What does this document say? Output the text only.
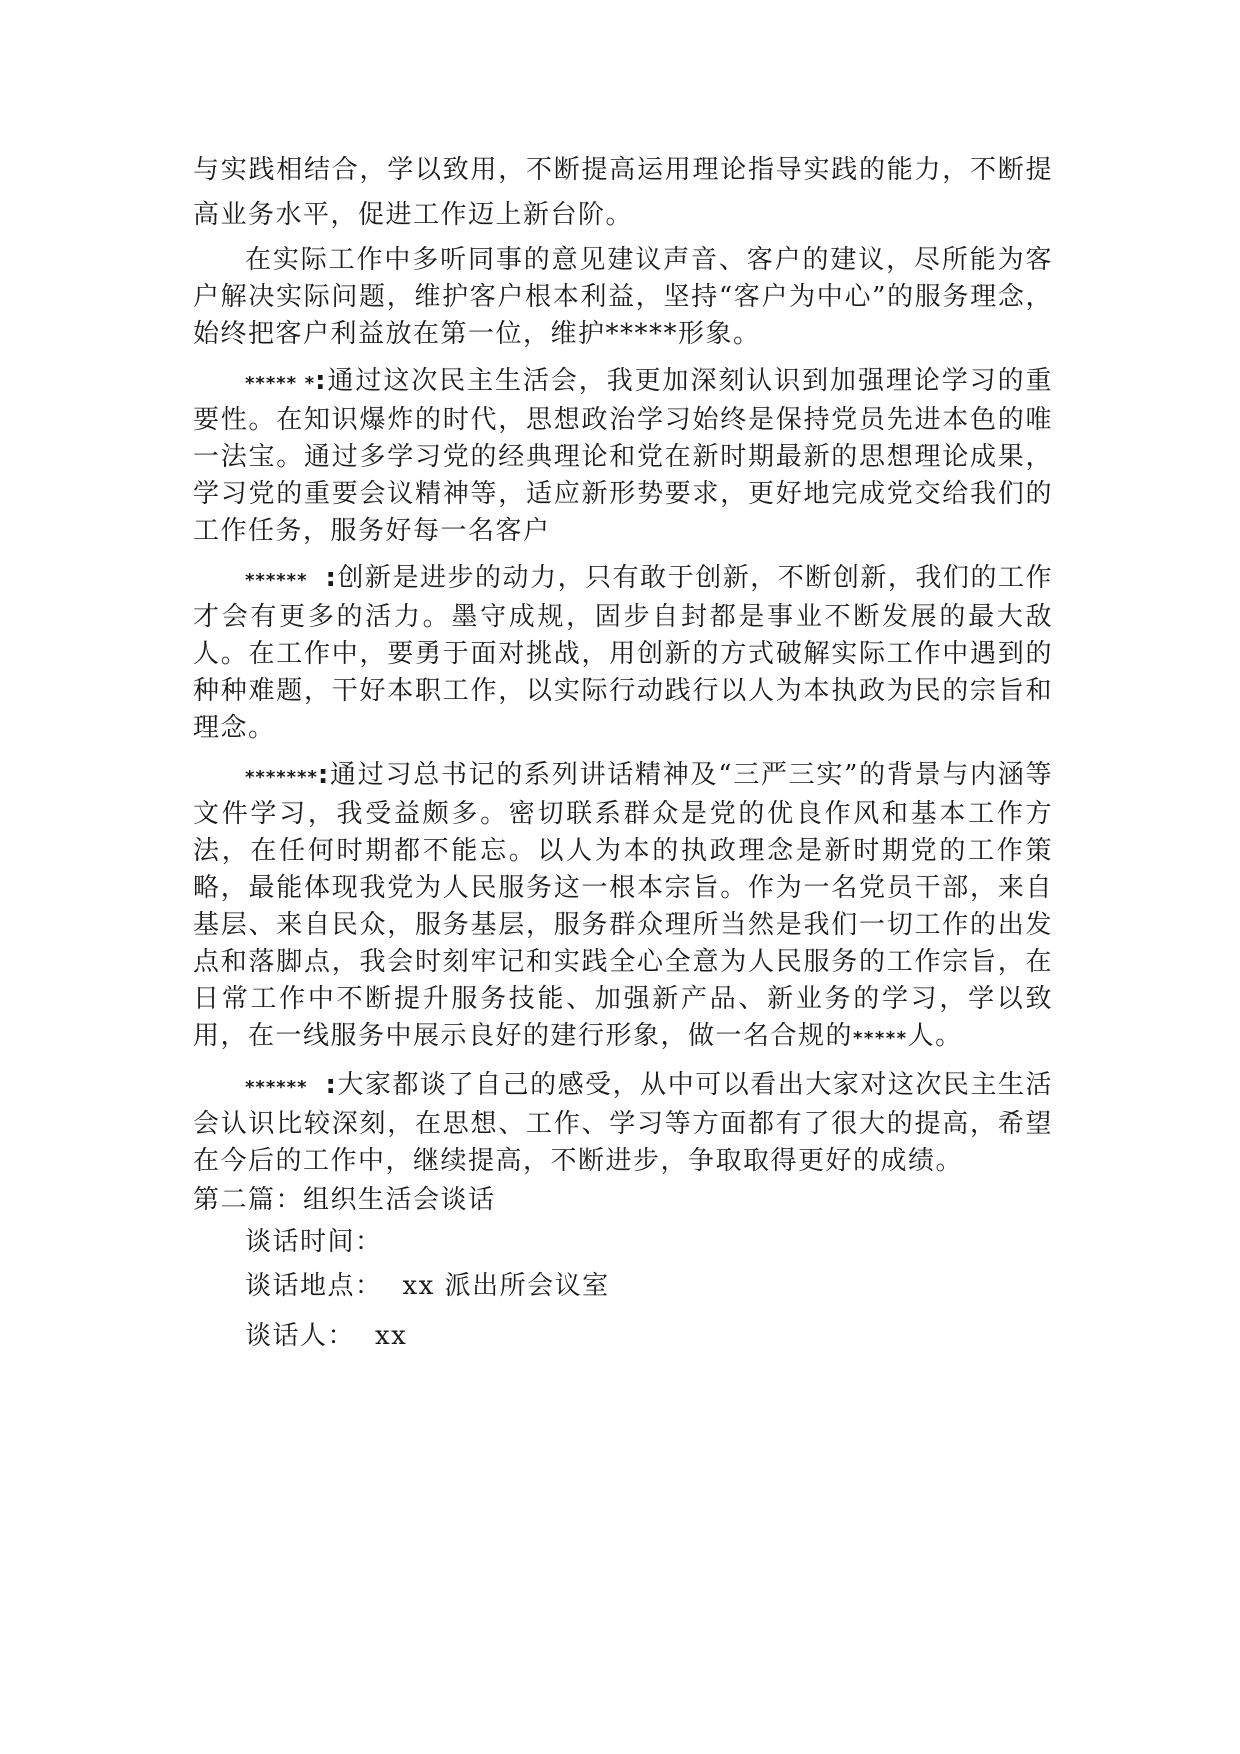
与实践相结合，学以致用，不断提高运用理论指导实践的能力，不断提高业务水平，促进工作迈上新台阶。

在实际工作中多听同事的意见建议声音、客户的建议，尽所能为客户解决实际问题，维护客户根本利益，坚持“客户为中心”的服务理念，始终把客户利益放在第一位，维护*****形象。

***** *:通过这次民主生活会，我更加深刻认识到加强理论学习的重要性。在知识爆炸的时代，思想政治学习始终是保持党员先进本色的唯一法宝。通过多学习党的经典理论和党在新时期最新的思想理论成果，学习党的重要会议精神等，适应新形势要求，更好地完成党交给我们的工作任务，服务好每一名客户

****** :创新是进步的动力，只有敢于创新，不断创新，我们的工作才会有更多的活力。墨守成规，固步自封都是事业不断发展的最大敌人。在工作中，要勇于面对挑战，用创新的方式破解实际工作中遇到的种种难题，干好本职工作，以实际行动践行以人为本执政为民的宗旨和理念。

*******:通过习总书记的系列讲话精神及“三严三实”的背景与内涵等文件学习，我受益颇多。密切联系群众是党的优良作风和基本工作方法，在任何时期都不能忘。以人为本的执政理念是新时期党的工作策略，最能体现我党为人民服务这一根本宗旨。作为一名党员干部，来自基层、来自民众，服务基层，服务群众理所当然是我们一切工作的出发点和落脚点，我会时刻牢记和实践全心全意为人民服务的工作宗旨，在日常工作中不断提升服务技能、加强新产品、新业务的学习，学以致用，在一线服务中展示良好的建行形象，做一名合规的*****人。

****** :大家都谈了自己的感受，从中可以看出大家对这次民主生活会认识比较深刻，在思想、工作、学习等方面都有了很大的提高，希望在今后的工作中，继续提高，不断进步，争取取得更好的成绩。

第二篇：组织生活会谈话

谈话时间：

谈话地点： xx 派出所会议室

谈话人： xx
